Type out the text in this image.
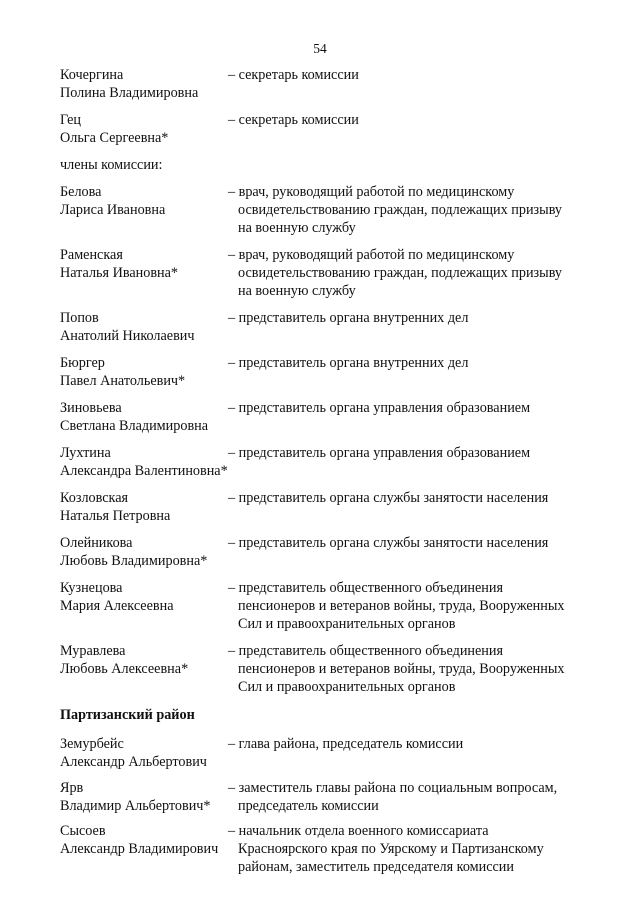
54
Кочергина
Полина Владимировна
– секретарь комиссии
Гец
Ольга Сергеевна*
– секретарь комиссии
члены комиссии:
Белова
Лариса Ивановна
– врач, руководящий работой по медицинскому
освидетельствованию граждан, подлежащих призыву
на военную службу
Раменская
Наталья Ивановна*
– врач, руководящий работой по медицинскому
освидетельствованию граждан, подлежащих призыву
на военную службу
Попов
Анатолий Николаевич
– представитель органа внутренних дел
Бюргер
Павел Анатольевич*
– представитель органа внутренних дел
Зиновьева
Светлана Владимировна
– представитель органа управления образованием
Лухтина
Александра Валентиновна*
– представитель органа управления образованием
Козловская
Наталья Петровна
– представитель органа службы занятости населения
Олейникова
Любовь Владимировна*
– представитель органа службы занятости населения
Кузнецова
Мария Алексеевна
– представитель общественного объединения
пенсионеров и ветеранов войны, труда, Вооруженных
Сил и правоохранительных органов
Муравлева
Любовь Алексеевна*
– представитель общественного объединения
пенсионеров и ветеранов войны, труда, Вооруженных
Сил и правоохранительных органов
Партизанский район
Земурбейс
Александр Альбертович
– глава района, председатель комиссии
Ярв
Владимир Альбертович*
– заместитель главы района по социальным вопросам,
председатель комиссии
Сысоев
Александр Владимирович
– начальник отдела военного комиссариата
Красноярского края по Уярскому и Партизанскому
районам, заместитель председателя комиссии
